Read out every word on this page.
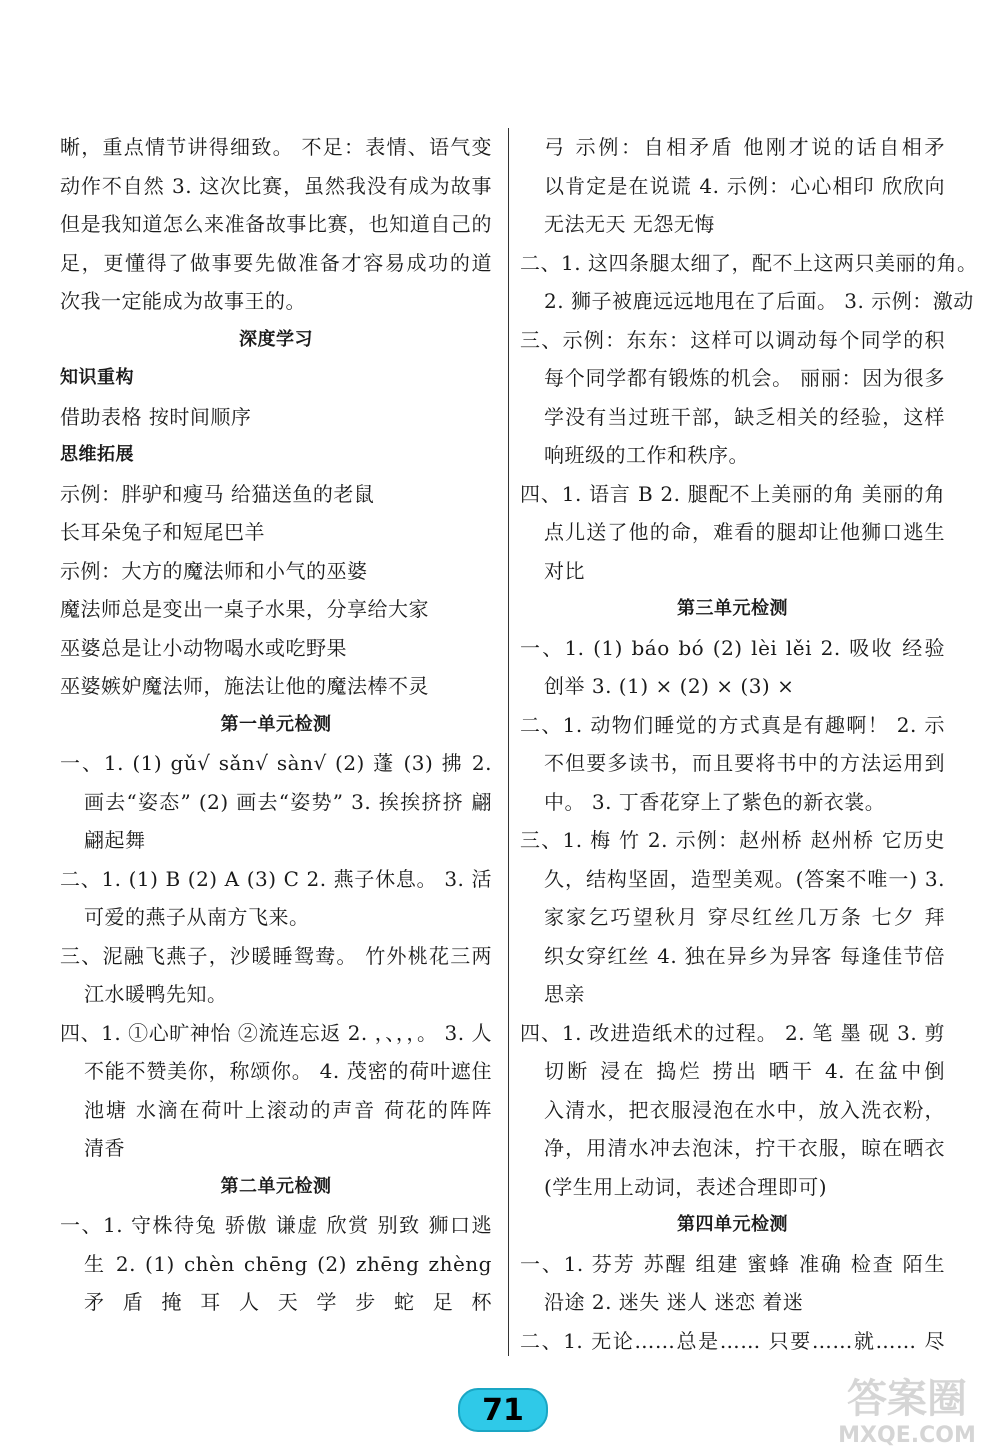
晰，重点情节讲得细致。 不足：表情、语气变
动作不自然 3. 这次比赛，虽然我没有成为故事
但是我知道怎么来准备故事比赛，也知道自己的
足，更懂得了做事要先做准备才容易成功的道
次我一定能成为故事王的。
深度学习
知识重构
借助表格 按时间顺序
思维拓展
示例：胖驴和瘦马 给猫送鱼的老鼠
长耳朵兔子和短尾巴羊
示例：大方的魔法师和小气的巫婆
魔法师总是变出一桌子水果，分享给大家
巫婆总是让小动物喝水或吃野果
巫婆嫉妒魔法师，施法让他的魔法棒不灵
第一单元检测
一、1. (1) gǔ√ sǎn√ sàn√ (2) 蓬 (3) 拂 2.
画去“姿态” (2) 画去“姿势” 3. 挨挨挤挤 翩
翩起舞
二、1. (1) B (2) A (3) C 2. 燕子休息。 3. 活
可爱的燕子从南方飞来。
三、泥融飞燕子，沙暖睡鸳鸯。 竹外桃花三两
江水暖鸭先知。
四、1. ①心旷神怡 ②流连忘返 2. ，、，，。 3. 人
不能不赞美你，称颂你。 4. 茂密的荷叶遮住
池塘 水滴在荷叶上滚动的声音 荷花的阵阵
清香
第二单元检测
一、1. 守株待兔 骄傲 谦虚 欣赏 别致 狮口逃
生 2. (1) chèn chēng (2) zhēng zhèng
矛 盾 掩 耳 人 天 学 步 蛇 足 杯
弓 示例：自相矛盾 他刚才说的话自相矛
以肯定是在说谎 4. 示例：心心相印 欣欣向
无法无天 无怨无悔
二、1. 这四条腿太细了，配不上这两只美丽的角。
2. 狮子被鹿远远地甩在了后面。 3. 示例：激动
三、示例：东东：这样可以调动每个同学的积
每个同学都有锻炼的机会。 丽丽：因为很多
学没有当过班干部，缺乏相关的经验，这样
响班级的工作和秩序。
四、1. 语言 B 2. 腿配不上美丽的角 美丽的角
点儿送了他的命，难看的腿却让他狮口逃生
对比
第三单元检测
一、1. (1) báo bó (2) lèi lěi 2. 吸收 经验
创举 3. (1) × (2) × (3) ×
二、1. 动物们睡觉的方式真是有趣啊！ 2. 示
不但要多读书，而且要将书中的方法运用到
中。 3. 丁香花穿上了紫色的新衣裳。
三、1. 梅 竹 2. 示例：赵州桥 赵州桥 它历史
久，结构坚固，造型美观。(答案不唯一) 3.
家家乞巧望秋月 穿尽红丝几万条 七夕 拜
织女穿红丝 4. 独在异乡为异客 每逢佳节倍
思亲
四、1. 改进造纸术的过程。 2. 笔 墨 砚 3. 剪
切断 浸在 捣烂 捞出 晒干 4. 在盆中倒
入清水，把衣服浸泡在水中，放入洗衣粉，
净，用清水冲去泡沫，拧干衣服，晾在晒衣
(学生用上动词，表述合理即可)
第四单元检测
一、1. 芬芳 苏醒 组建 蜜蜂 准确 检查 陌生
沿途 2. 迷失 迷人 迷恋 着迷
二、1. 无论……总是…… 只要……就…… 尽
71	答案圈
MXQE.COM
